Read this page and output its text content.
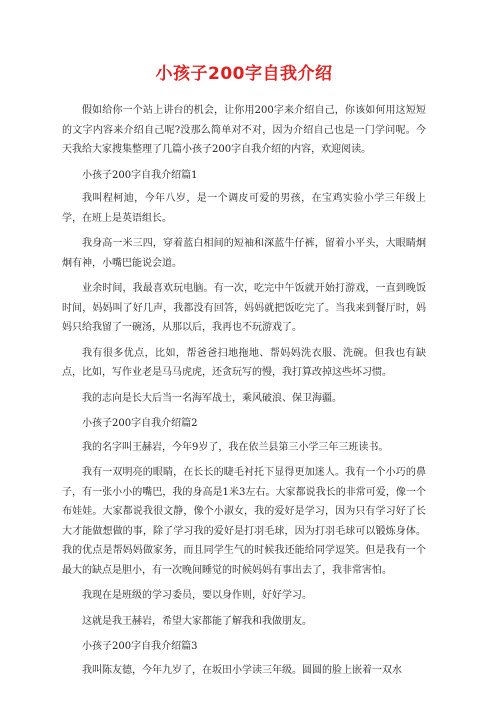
小孩子200字自我介绍

假如给你一个站上讲台的机会，让你用200字来介绍自己，你该如何用这短短的文字内容来介绍自己呢?没那么简单对不对，因为介绍自己也是一门学问呢。今天我给大家搜集整理了几篇小孩子200字自我介绍的内容，欢迎阅读。

小孩子200字自我介绍篇1

我叫程柯迪，今年八岁，是一个调皮可爱的男孩，在宝鸡实验小学三年级上学，在班上是英语组长。

我身高一米三四，穿着蓝白相间的短袖和深蓝牛仔裤，留着小平头，大眼睛炯炯有神，小嘴巴能说会道。

业余时间，我最喜欢玩电脑。有一次，吃完中午饭就开始打游戏，一直到晚饭时间，妈妈叫了好几声，我都没有回答，妈妈就把饭吃完了。当我来到餐厅时，妈妈只给我留了一碗汤，从那以后，我再也不玩游戏了。

我有很多优点，比如，帮爸爸扫地拖地、帮妈妈洗衣服、洗碗。但我也有缺点，比如，写作业老是马马虎虎，还贪玩写的慢，我打算改掉这些坏习惯。

我的志向是长大后当一名海军战士，乘风破浪、保卫海疆。

小孩子200字自我介绍篇2

我的名字叫王赫岩，今年9岁了，我在依兰县第三小学三年三班读书。

我有一双明亮的眼睛，在长长的睫毛衬托下显得更加迷人。我有一个小巧的鼻子，有一张小小的嘴巴，我的身高是1米3左右。大家都说我长的非常可爱，像一个布娃娃。大家都说我很文静，像个小淑女，我的爱好是学习，因为只有学习好了长大才能做想做的事，除了学习我的爱好是打羽毛球，因为打羽毛球可以锻炼身体。我的优点是帮妈妈做家务，而且同学生气的时候我还能给同学逗笑。但是我有一个最大的缺点是胆小，有一次晚间睡觉的时候妈妈有事出去了，我非常害怕。

我现在是班级的学习委员，要以身作则，好好学习。

这就是我王赫岩，希望大家都能了解我和我做朋友。

小孩子200字自我介绍篇3

我叫陈友德，今年九岁了，在坂田小学读三年级。圆圆的脸上嵌着一双水
